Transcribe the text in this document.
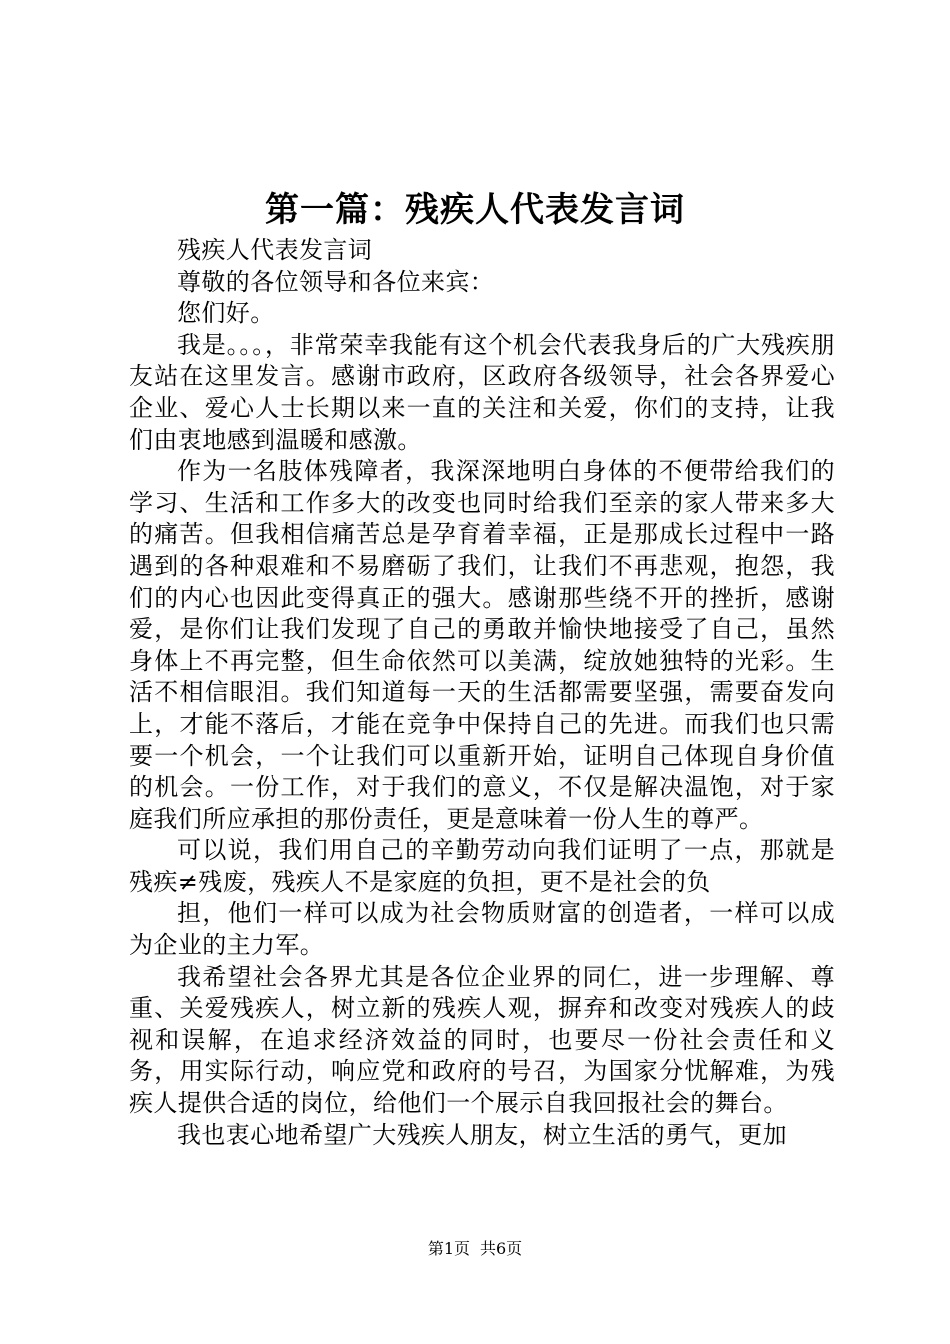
第一篇：残疾人代表发言词

残疾人代表发言词

尊敬的各位领导和各位来宾：

您们好。

我是。。。，非常荣幸我能有这个机会代表我身后的广大残疾朋友站在这里发言。感谢市政府，区政府各级领导，社会各界爱心企业、爱心人士长期以来一直的关注和关爱，你们的支持，让我们由衷地感到温暖和感激。

作为一名肢体残障者，我深深地明白身体的不便带给我们的学习、生活和工作多大的改变也同时给我们至亲的家人带来多大的痛苦。但我相信痛苦总是孕育着幸福，正是那成长过程中一路遇到的各种艰难和不易磨砺了我们，让我们不再悲观，抱怨，我们的内心也因此变得真正的强大。感谢那些绕不开的挫折，感谢爱，是你们让我们发现了自己的勇敢并愉快地接受了自己，虽然身体上不再完整，但生命依然可以美满，绽放她独特的光彩。生活不相信眼泪。我们知道每一天的生活都需要坚强，需要奋发向上，才能不落后，才能在竞争中保持自己的先进。而我们也只需要一个机会，一个让我们可以重新开始，证明自己体现自身价值的机会。一份工作，对于我们的意义，不仅是解决温饱，对于家庭我们所应承担的那份责任，更是意味着一份人生的尊严。

可以说，我们用自己的辛勤劳动向我们证明了一点，那就是残疾≠残废，残疾人不是家庭的负担，更不是社会的负

担，他们一样可以成为社会物质财富的创造者，一样可以成为企业的主力军。

我希望社会各界尤其是各位企业界的同仁，进一步理解、尊重、关爱残疾人，树立新的残疾人观，摒弃和改变对残疾人的歧视和误解，在追求经济效益的同时，也要尽一份社会责任和义务，用实际行动，响应党和政府的号召，为国家分忧解难，为残疾人提供合适的岗位，给他们一个展示自我回报社会的舞台。

我也衷心地希望广大残疾人朋友，树立生活的勇气，更加

第1页 共6页
